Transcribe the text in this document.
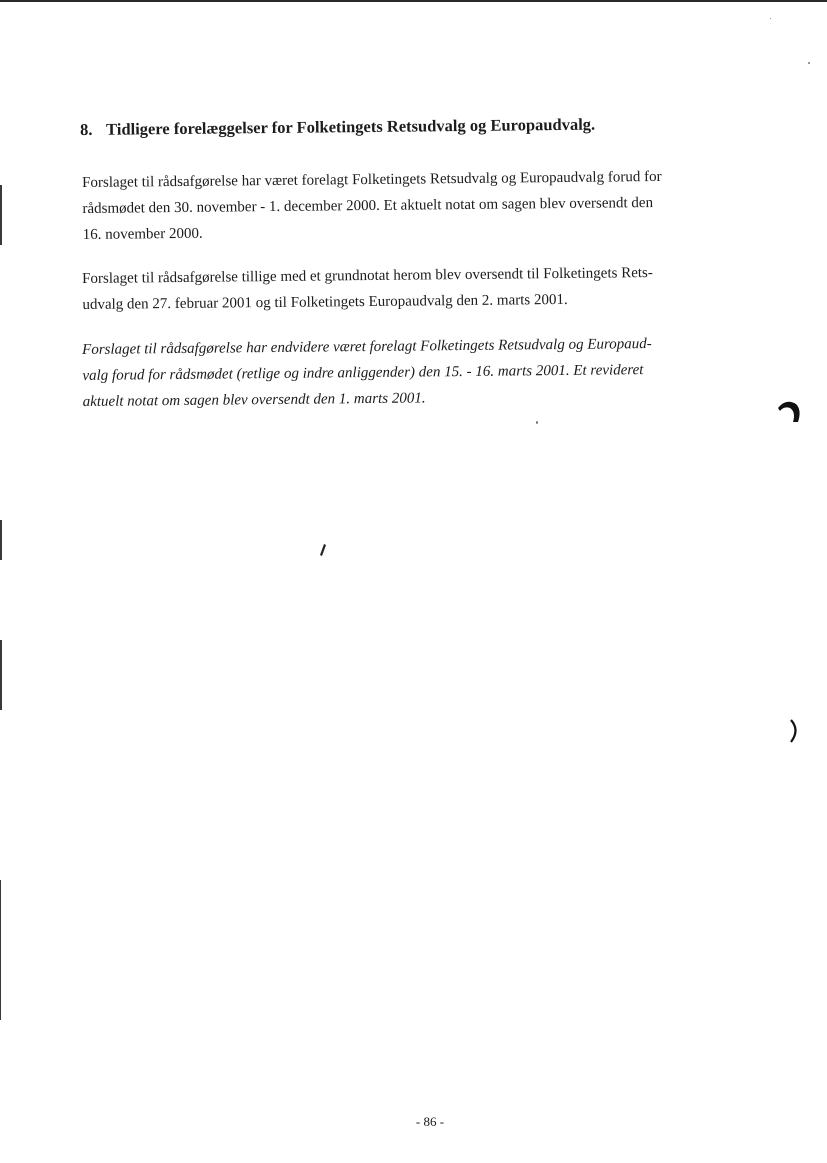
8. Tidligere forelæggelser for Folketingets Retsudvalg og Europaudvalg.
Forslaget til rådsafgørelse har været forelagt Folketingets Retsudvalg og Europaudvalg forud for
rådsmødet den 30. november - 1. december 2000. Et aktuelt notat om sagen blev oversendt den
16. november 2000.
Forslaget til rådsafgørelse tillige med et grundnotat herom blev oversendt til Folketingets Rets-
udvalg den 27. februar 2001 og til Folketingets Europaudvalg den 2. marts 2001.
Forslaget til rådsafgørelse har endvidere været forelagt Folketingets Retsudvalg og Europaud-
valg forud for rådsmødet (retlige og indre anliggender) den 15. - 16. marts 2001. Et revideret
aktuelt notat om sagen blev oversendt den 1. marts 2001.
- 86 -
